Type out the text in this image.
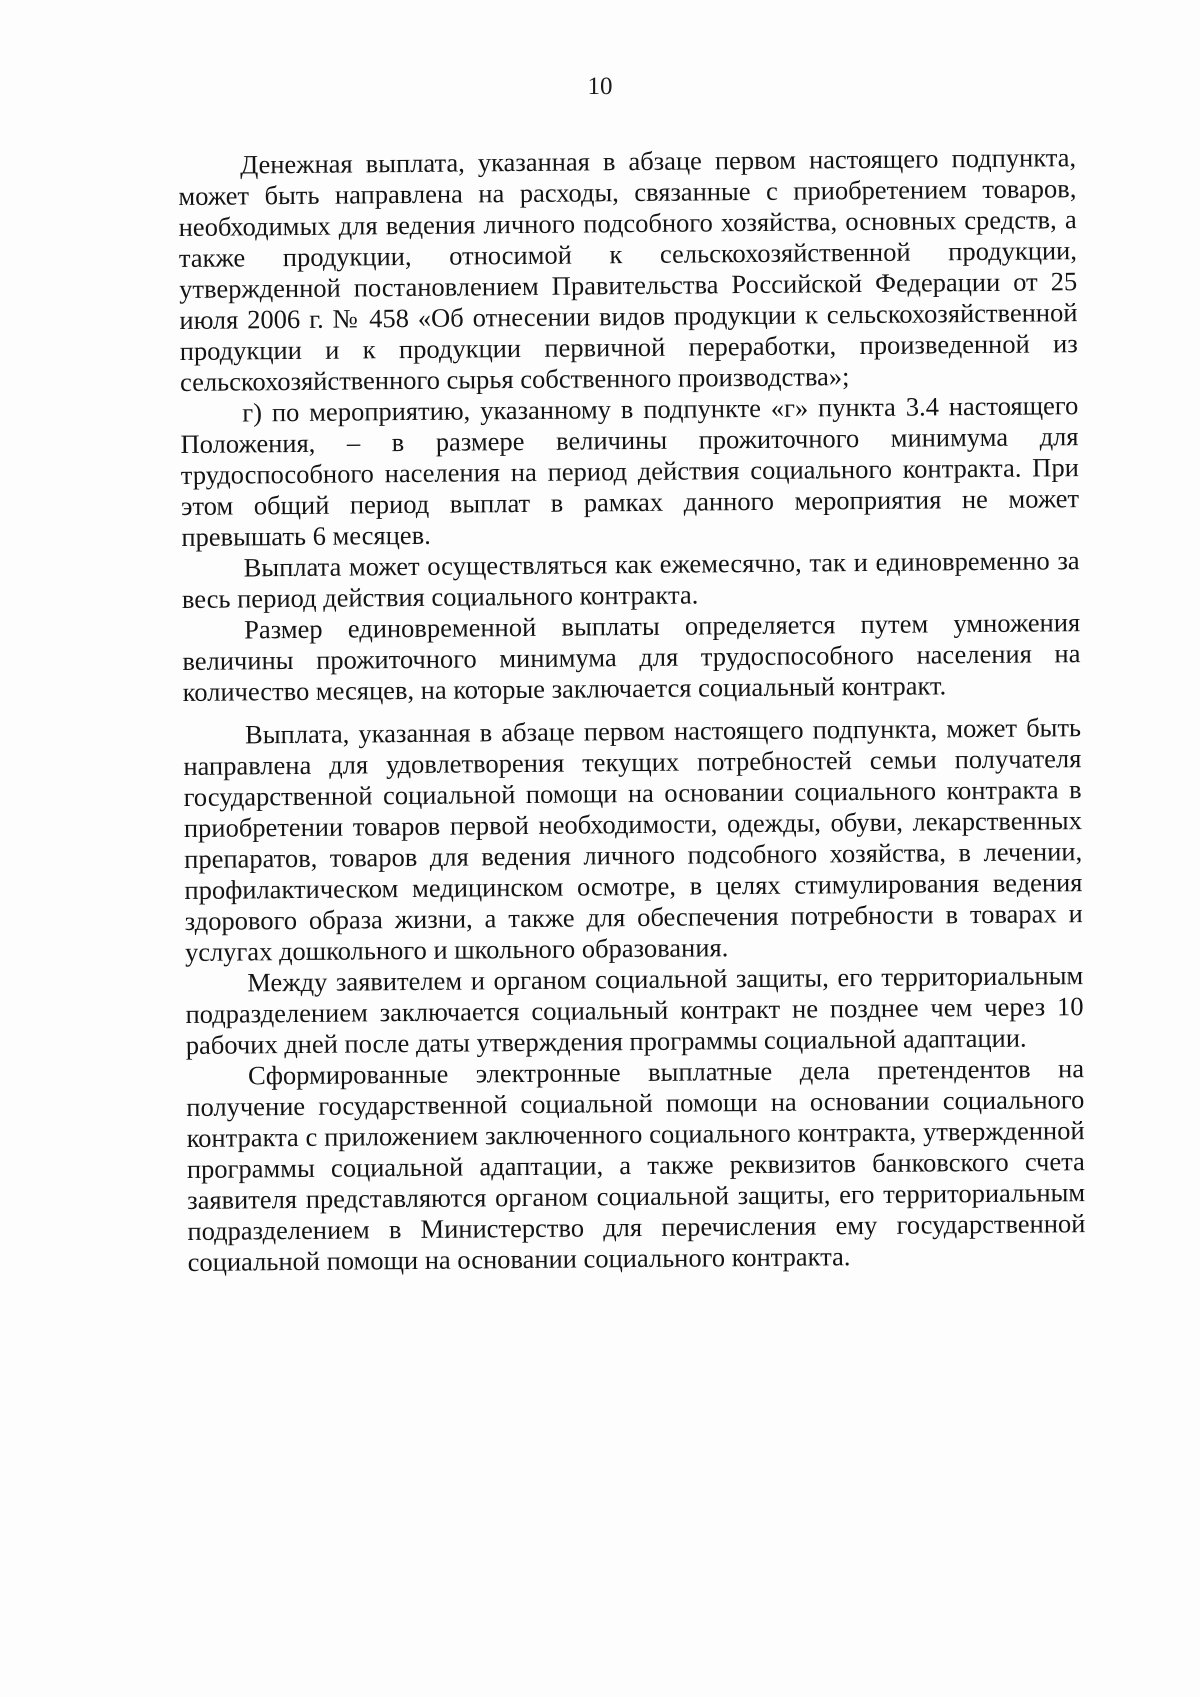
10

Денежная выплата, указанная в абзаце первом настоящего подпункта, может быть направлена на расходы, связанные с приобретением товаров, необходимых для ведения личного подсобного хозяйства, основных средств, а также продукции, относимой к сельскохозяйственной продукции, утвержденной постановлением Правительства Российской Федерации от 25 июля 2006 г. № 458 «Об отнесении видов продукции к сельскохозяйственной продукции и к продукции первичной переработки, произведенной из сельскохозяйственного сырья собственного производства»;

г) по мероприятию, указанному в подпункте «г» пункта 3.4 настоящего Положения, – в размере величины прожиточного минимума для трудоспособного населения на период действия социального контракта. При этом общий период выплат в рамках данного мероприятия не может превышать 6 месяцев.

Выплата может осуществляться как ежемесячно, так и единовременно за весь период действия социального контракта.

Размер единовременной выплаты определяется путем умножения величины прожиточного минимума для трудоспособного населения на количество месяцев, на которые заключается социальный контракт.

Выплата, указанная в абзаце первом настоящего подпункта, может быть направлена для удовлетворения текущих потребностей семьи получателя государственной социальной помощи на основании социального контракта в приобретении товаров первой необходимости, одежды, обуви, лекарственных препаратов, товаров для ведения личного подсобного хозяйства, в лечении, профилактическом медицинском осмотре, в целях стимулирования ведения здорового образа жизни, а также для обеспечения потребности в товарах и услугах дошкольного и школьного образования.

Между заявителем и органом социальной защиты, его территориальным подразделением заключается социальный контракт не позднее чем через 10 рабочих дней после даты утверждения программы социальной адаптации.

Сформированные электронные выплатные дела претендентов на получение государственной социальной помощи на основании социального контракта с приложением заключенного социального контракта, утвержденной программы социальной адаптации, а также реквизитов банковского счета заявителя представляются органом социальной защиты, его территориальным подразделением в Министерство для перечисления ему государственной социальной помощи на основании социального контракта.
